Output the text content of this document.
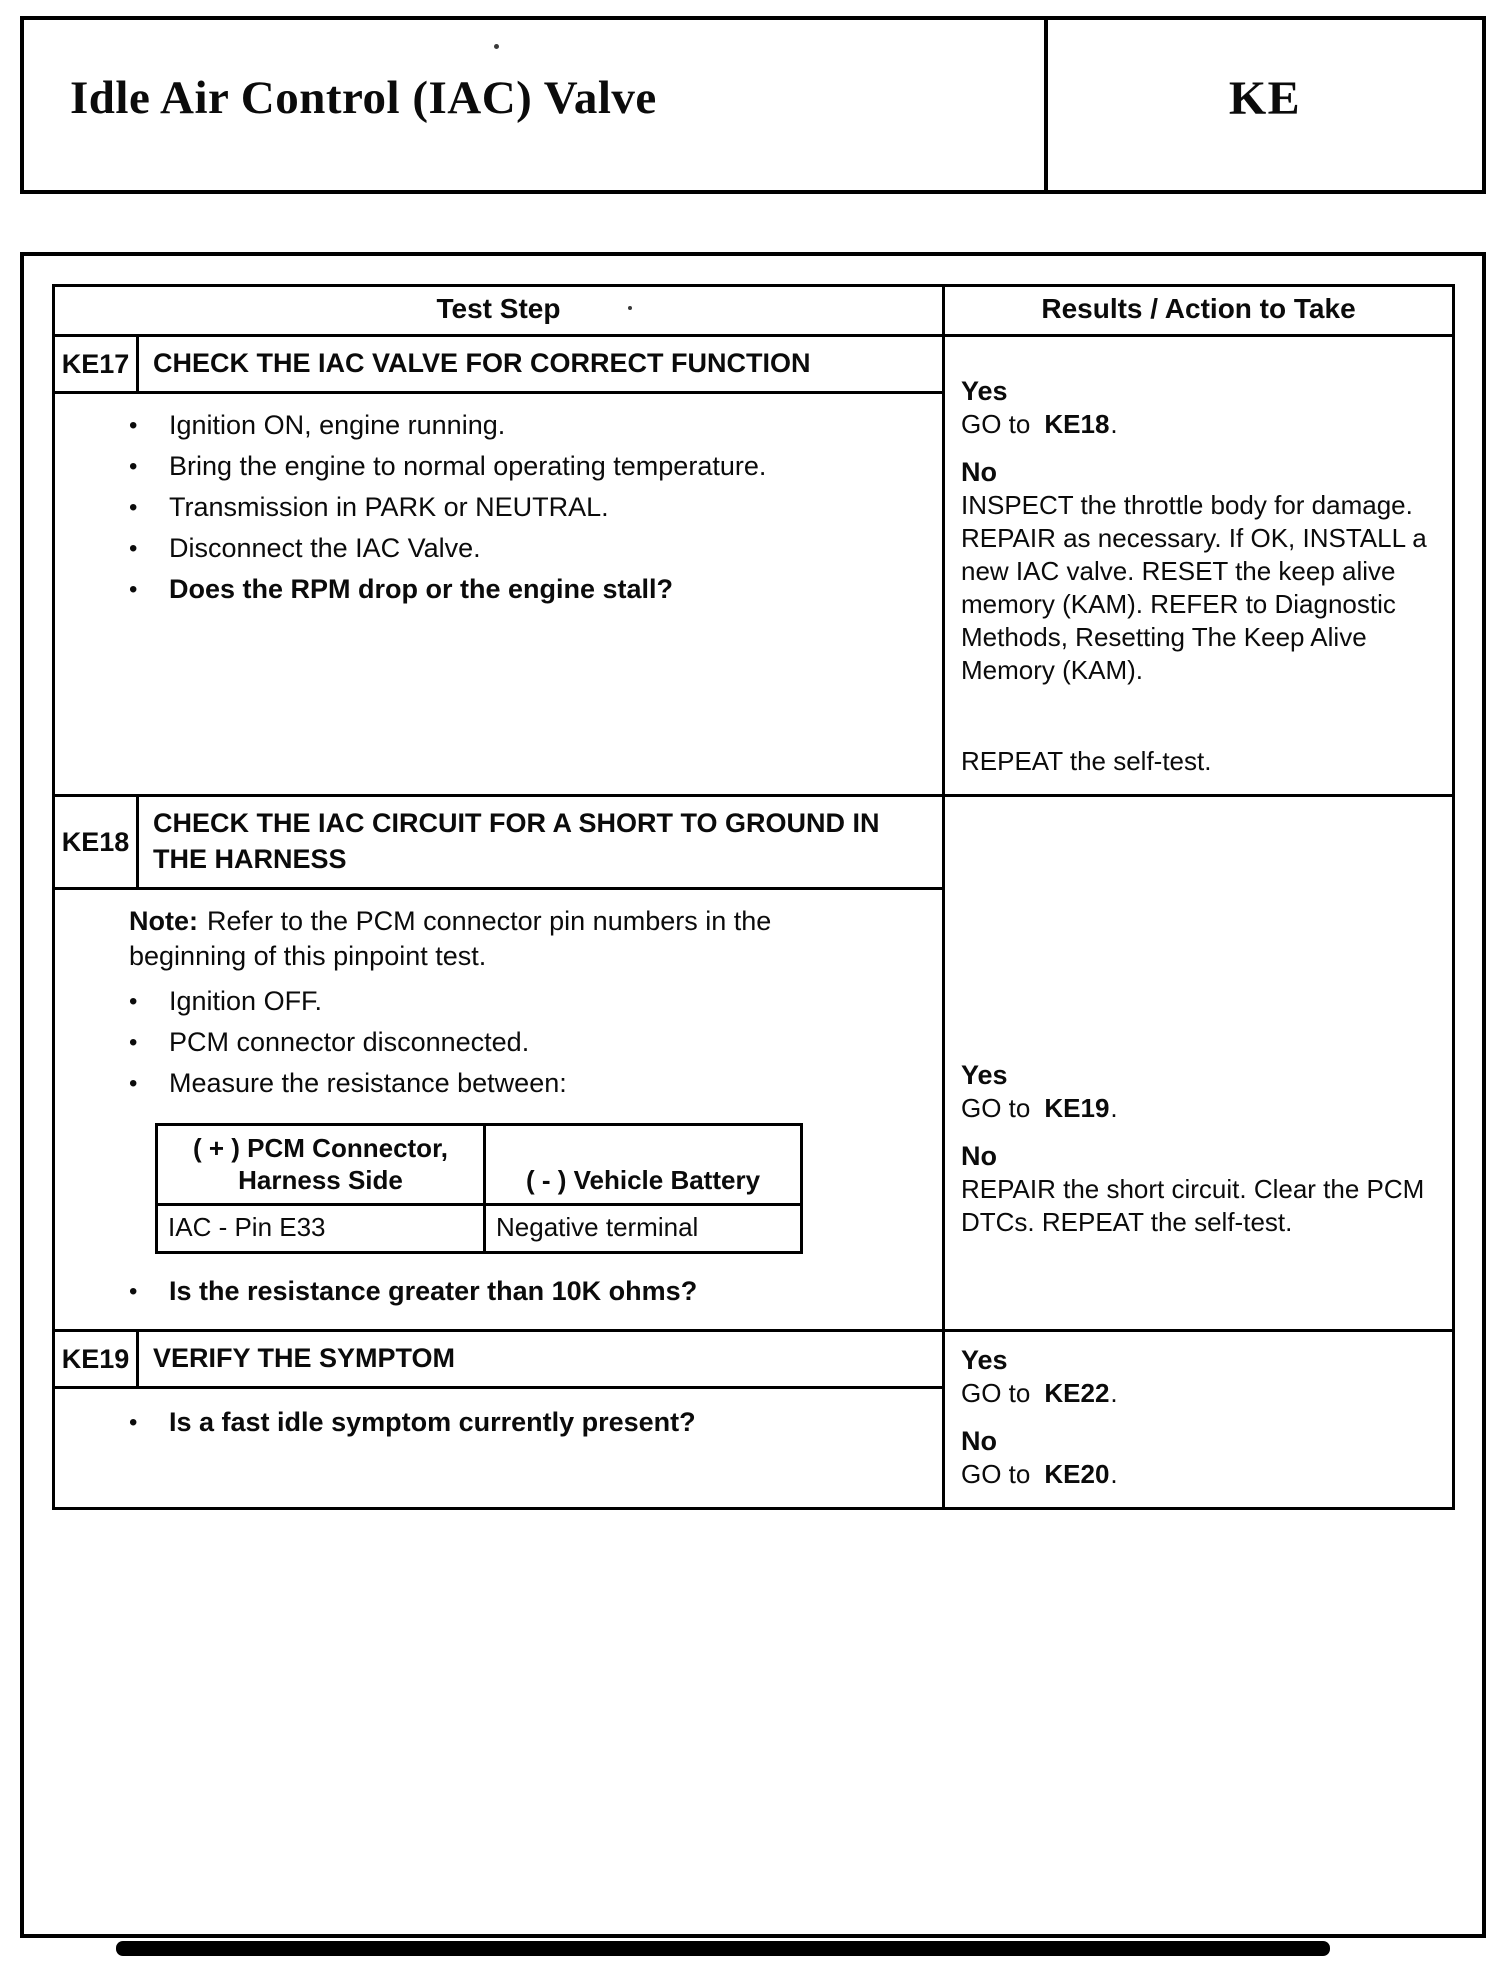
Idle Air Control (IAC) Valve	KE
Test Step	Results / Action to Take

KE17 CHECK THE IAC VALVE FOR CORRECT FUNCTION
•	Ignition ON, engine running.
•	Bring the engine to normal operating temperature.
•	Transmission in PARK or NEUTRAL.
•	Disconnect the IAC Valve.
•	Does the RPM drop or the engine stall?

Yes
GO to KE18.
No
INSPECT the throttle body for damage. REPAIR as necessary. If OK, INSTALL a new IAC valve. RESET the keep alive memory (KAM). REFER to Diagnostic Methods, Resetting The Keep Alive Memory (KAM).
REPEAT the self-test.

KE18
CHECK THE IAC CIRCUIT FOR A SHORT TO GROUND IN THE HARNESS

Note: Refer to the PCM connector pin numbers in the beginning of this pinpoint test.

•	Ignition OFF.
•	PCM connector disconnected.
•	Measure the resistance between:
( + ) PCM Connector,
Harness Side	( - ) Vehicle Battery
IAC - Pin E33	Negative terminal
•	Is the resistance greater than 10K ohms?

Yes
GO to KE19.
No
REPAIR the short circuit. Clear the PCM DTCs. REPEAT the self-test.

KE19 VERIFY THE SYMPTOM
•	Is a fast idle symptom currently present?

Yes
GO to KE22.
No
GO to KE20.
